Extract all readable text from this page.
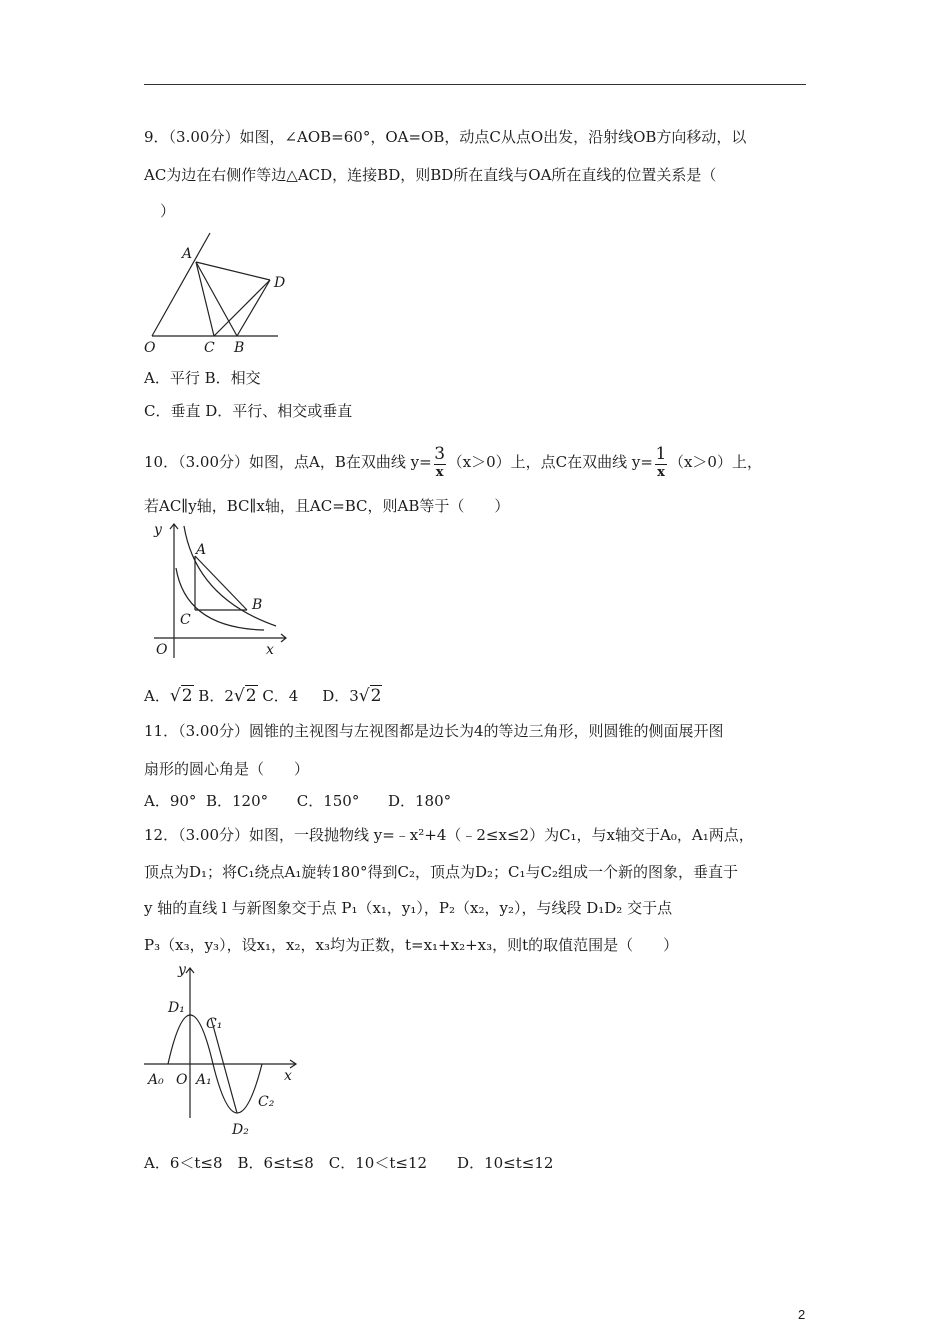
9．（3.00分）如图，∠AOB=60°，OA=OB，动点C从点O出发，沿射线OB方向移动，以
AC为边在右侧作等边△ACD，连接BD，则BD所在直线与OA所在直线的位置关系是（
）
A
D
O	C B
A．平行 B．相交
C．垂直 D．平行、相交或垂直
10．（3.00分）如图，点A，B在双曲线 $y= \frac{3}{x} (x>0)$上，点C在双曲线 $y= \frac{1}{x} (x>0)$上，
若AC∥y轴，BC∥x轴，且AC=BC，则AB等于（　　）
y
A
B
C
O	x
A．√2 B．2√2 C．4 D．3√2
11．（3.00分）圆锥的主视图与左视图都是边长为4的等边三角形，则圆锥的侧面展开图
扇形的圆心角是（　　）
A．90° B．120° C．150° D．180°
12．（3.00分）如图，一段抛物线 y=﹣x²+4（﹣2≤x≤2）为C₁，与x轴交于A₀，A₁两点，
顶点为D₁；将C₁绕点A₁旋转180°得到C₂，顶点为D₂；C₁与C₂组成一个新的图象，垂直于
y 轴的直线 l 与新图象交于点 P₁（x₁，y₁），P₂（x₂，y₂），与线段 D₁D₂ 交于点
P₃（x₃，y₃），设x₁，x₂，x₃均为正数，t=x₁+x₂+x₃，则t的取值范围是（　　）
y
D₁
C₁
A₀ O A₁	x
C₂
D₂
A．6＜t≤8　B．6≤t≤8　C．10＜t≤12　　D．10≤t≤12
2
